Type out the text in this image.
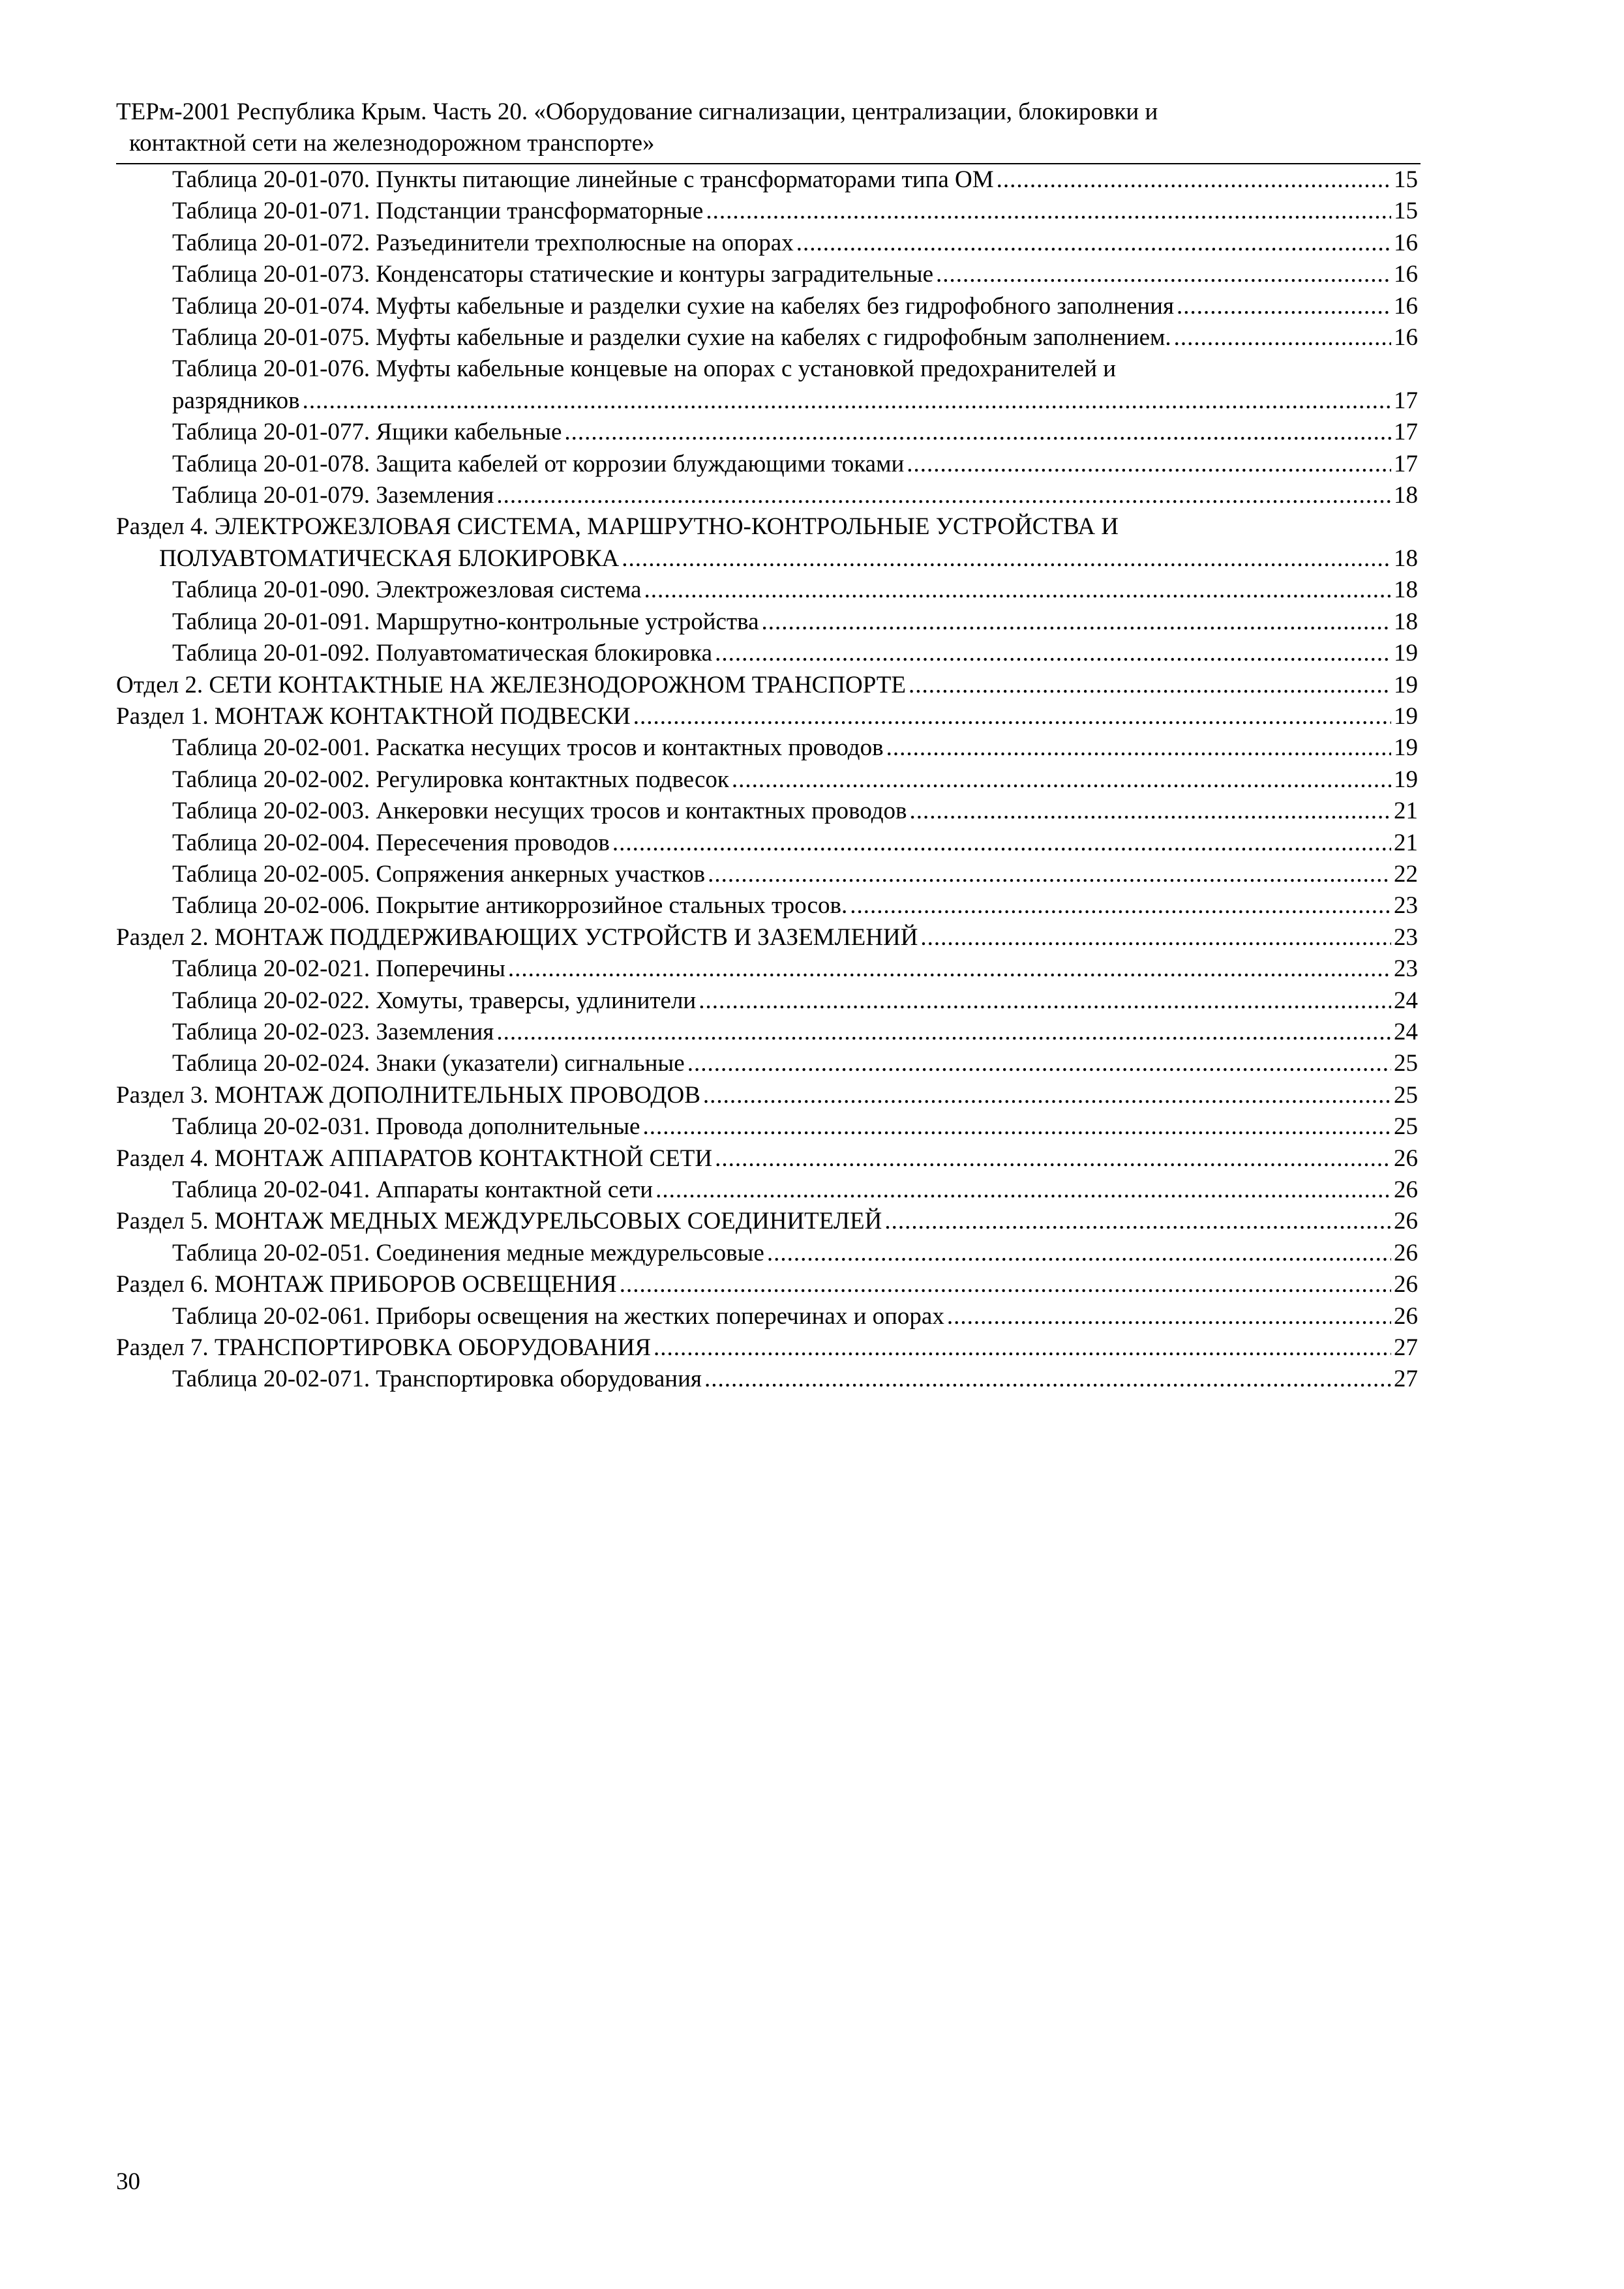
ТЕРм-2001 Республика Крым. Часть 20. «Оборудование сигнализации, централизации, блокировки и
контактной сети на железнодорожном транспорте»
Таблица 20-01-070. Пункты питающие линейные с трансформаторами типа ОМ .....	15
Таблица 20-01-071. Подстанции трансформаторные .....	15
Таблица 20-01-072. Разъединители трехполюсные на опорах .....	16
Таблица 20-01-073. Конденсаторы статические и контуры заградительные .....	16
Таблица 20-01-074. Муфты кабельные и разделки сухие на кабелях без гидрофобного заполнения .....	16
Таблица 20-01-075. Муфты кабельные и разделки сухие на кабелях с гидрофобным заполнением. .....	16
Таблица 20-01-076. Муфты кабельные концевые на опорах с установкой предохранителей и
разрядников .....	17
Таблица 20-01-077. Ящики кабельные .....	17
Таблица 20-01-078. Защита кабелей от коррозии блуждающими токами .....	17
Таблица 20-01-079. Заземления .....	18
Раздел 4. ЭЛЕКТРОЖЕЗЛОВАЯ СИСТЕМА, МАРШРУТНО-КОНТРОЛЬНЫЕ УСТРОЙСТВА И
ПОЛУАВТОМАТИЧЕСКАЯ БЛОКИРОВКА .....	18
Таблица 20-01-090. Электрожезловая система .....	18
Таблица 20-01-091. Маршрутно-контрольные устройства .....	18
Таблица 20-01-092. Полуавтоматическая блокировка .....	19
Отдел 2. СЕТИ КОНТАКТНЫЕ НА ЖЕЛЕЗНОДОРОЖНОМ ТРАНСПОРТЕ .....	19
Раздел 1. МОНТАЖ КОНТАКТНОЙ ПОДВЕСКИ .....	19
Таблица 20-02-001. Раскатка несущих тросов и контактных проводов .....	19
Таблица 20-02-002. Регулировка контактных подвесок .....	19
Таблица 20-02-003. Анкеровки несущих тросов и контактных проводов .....	21
Таблица 20-02-004. Пересечения проводов .....	21
Таблица 20-02-005. Сопряжения анкерных участков .....	22
Таблица 20-02-006. Покрытие антикоррозийное стальных тросов. .....	23
Раздел 2. МОНТАЖ ПОДДЕРЖИВАЮЩИХ УСТРОЙСТВ И ЗАЗЕМЛЕНИЙ .....	23
Таблица 20-02-021. Поперечины .....	23
Таблица 20-02-022. Хомуты, траверсы, удлинители .....	24
Таблица 20-02-023. Заземления .....	24
Таблица 20-02-024. Знаки (указатели) сигнальные .....	25
Раздел 3. МОНТАЖ ДОПОЛНИТЕЛЬНЫХ ПРОВОДОВ .....	25
Таблица 20-02-031. Провода дополнительные .....	25
Раздел 4. МОНТАЖ АППАРАТОВ КОНТАКТНОЙ СЕТИ .....	26
Таблица 20-02-041. Аппараты контактной сети .....	26
Раздел 5. МОНТАЖ МЕДНЫХ МЕЖДУРЕЛЬСОВЫХ СОЕДИНИТЕЛЕЙ .....	26
Таблица 20-02-051. Соединения медные междурельсовые .....	26
Раздел 6. МОНТАЖ ПРИБОРОВ ОСВЕЩЕНИЯ .....	26
Таблица 20-02-061. Приборы освещения на жестких поперечинах и опорах .....	26
Раздел 7. ТРАНСПОРТИРОВКА ОБОРУДОВАНИЯ .....	27
Таблица 20-02-071. Транспортировка оборудования .....	27
30
